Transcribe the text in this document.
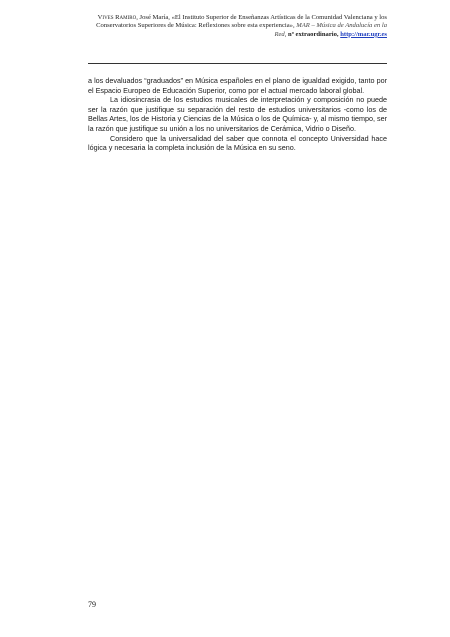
Vives Ramiro, José María, «El Instituto Superior de Enseñanzas Artísticas de la Comunidad Valenciana y los Conservatorios Superiores de Música: Reflexiones sobre esta experiencia», MAR – Música de Andalucía en la Red, nº extraordinario, http://mar.ugr.es

a los devaluados “graduados” en Música españoles en el plano de igualdad exigido, tanto por el Espacio Europeo de Educación Superior, como por el actual mercado laboral global.

La idiosincrasia de los estudios musicales de interpretación y composición no puede ser la razón que justifique su separación del resto de estudios universitarios -como los de Bellas Artes, los de Historia y Ciencias de la Música o los de Química- y, al mismo tiempo, ser la razón que justifique su unión a los no universitarios de Cerámica, Vidrio o Diseño.

Considero que la universalidad del saber que connota el concepto Universidad hace lógica y necesaria la completa inclusión de la Música en su seno.

79
